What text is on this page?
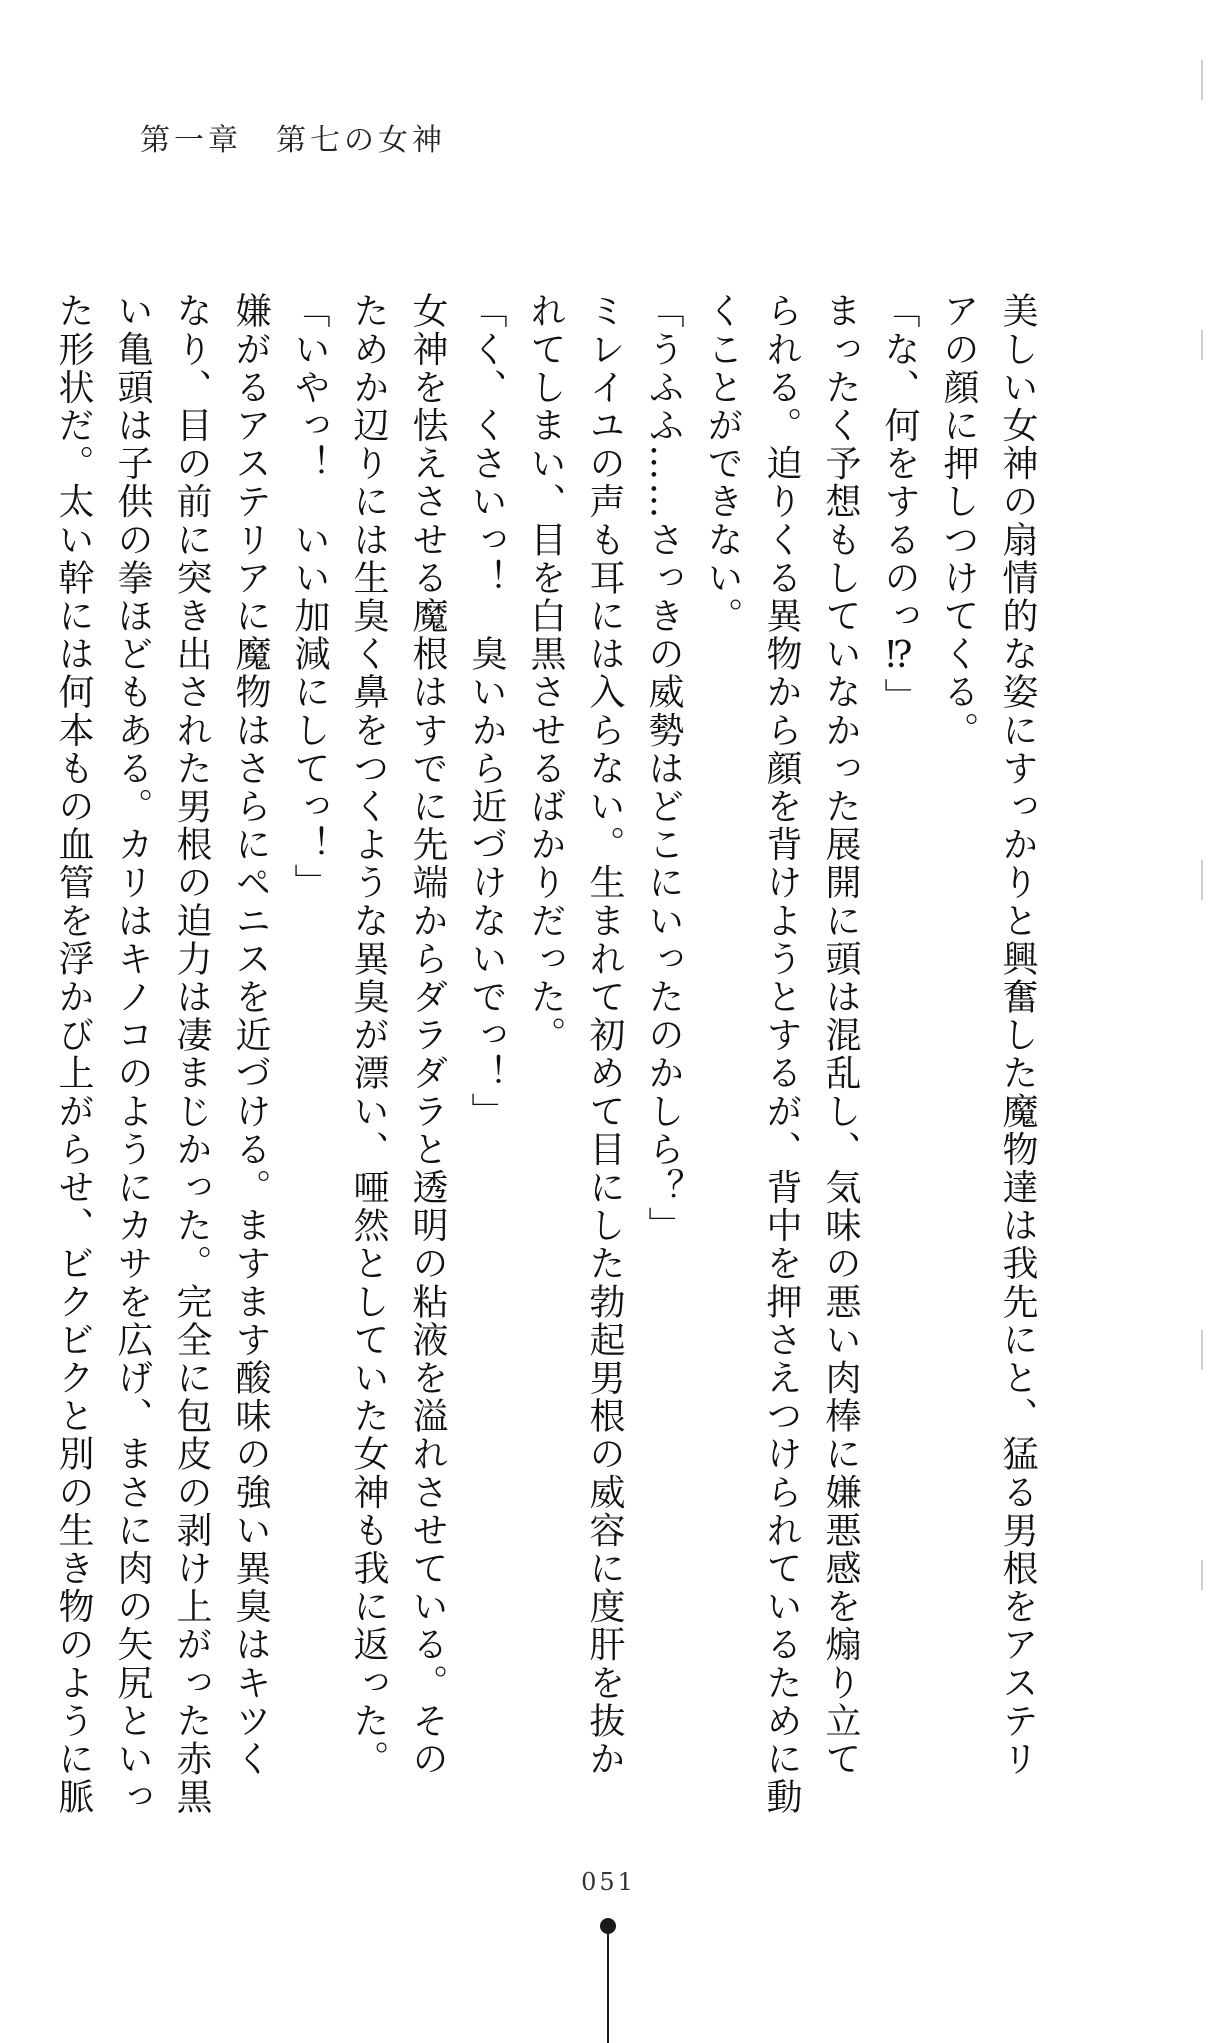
第一章　第七の女神

美しい女神の扇情的な姿にすっかりと興奮した魔物達は我先にと、猛る男根をアステリ

アの顔に押しつけてくる。

「な、何をするのっ⁉」

まったく予想もしていなかった展開に頭は混乱し、気味の悪い肉棒に嫌悪感を煽り立て

られる。迫りくる異物から顔を背けようとするが、背中を押さえつけられているために動

くことができない。

「うふふ……さっきの威勢はどこにいったのかしら？」

ミレイユの声も耳には入らない。生まれて初めて目にした勃起男根の威容に度肝を抜か

れてしまい、目を白黒させるばかりだった。

「く、くさいっ！　臭いから近づけないでっ！」

女神を怯えさせる魔根はすでに先端からダラダラと透明の粘液を溢れさせている。その

ためか辺りには生臭く鼻をつくような異臭が漂い、唖然としていた女神も我に返った。

「いやっ！　いい加減にしてっ！」

嫌がるアステリアに魔物はさらにペニスを近づける。ますます酸味の強い異臭はキツく

なり、目の前に突き出された男根の迫力は凄まじかった。完全に包皮の剥け上がった赤黒

い亀頭は子供の拳ほどもある。カリはキノコのようにカサを広げ、まさに肉の矢尻といっ

た形状だ。太い幹には何本もの血管を浮かび上がらせ、ビクビクと別の生き物のように脈

051
